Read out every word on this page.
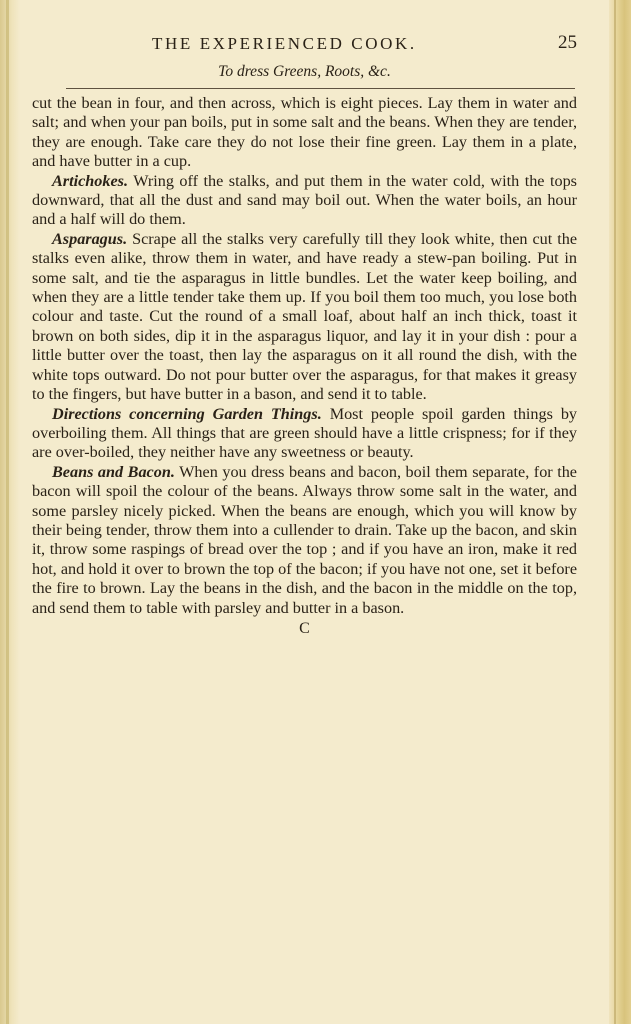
THE EXPERIENCED COOK.	25
To dress Greens, Roots, &c.

cut the bean in four, and then across, which is eight pieces. Lay them in water and salt; and when your pan boils, put in some salt and the beans. When they are tender, they are enough. Take care they do not lose their fine green. Lay them in a plate, and have butter in a cup.

Artichokes. Wring off the stalks, and put them in the water cold, with the tops downward, that all the dust and sand may boil out. When the water boils, an hour and a half will do them.

Asparagus. Scrape all the stalks very carefully till they look white, then cut the stalks even alike, throw them in water, and have ready a stew-pan boiling. Put in some salt, and tie the asparagus in little bundles. Let the water keep boiling, and when they are a little tender take them up. If you boil them too much, you lose both colour and taste. Cut the round of a small loaf, about half an inch thick, toast it brown on both sides, dip it in the asparagus liquor, and lay it in your dish : pour a little butter over the toast, then lay the asparagus on it all round the dish, with the white tops outward. Do not pour butter over the asparagus, for that makes it greasy to the fingers, but have butter in a bason, and send it to table.

Directions concerning Garden Things. Most people spoil garden things by overboiling them. All things that are green should have a little crispness; for if they are over-boiled, they neither have any sweetness or beauty.

Beans and Bacon. When you dress beans and bacon, boil them separate, for the bacon will spoil the colour of the beans. Always throw some salt in the water, and some parsley nicely picked. When the beans are enough, which you will know by their being tender, throw them into a cullender to drain. Take up the bacon, and skin it, throw some raspings of bread over the top ; and if you have an iron, make it red hot, and hold it over to brown the top of the bacon; if you have not one, set it before the fire to brown. Lay the beans in the dish, and the bacon in the middle on the top, and send them to table with parsley and butter in a bason.

C
